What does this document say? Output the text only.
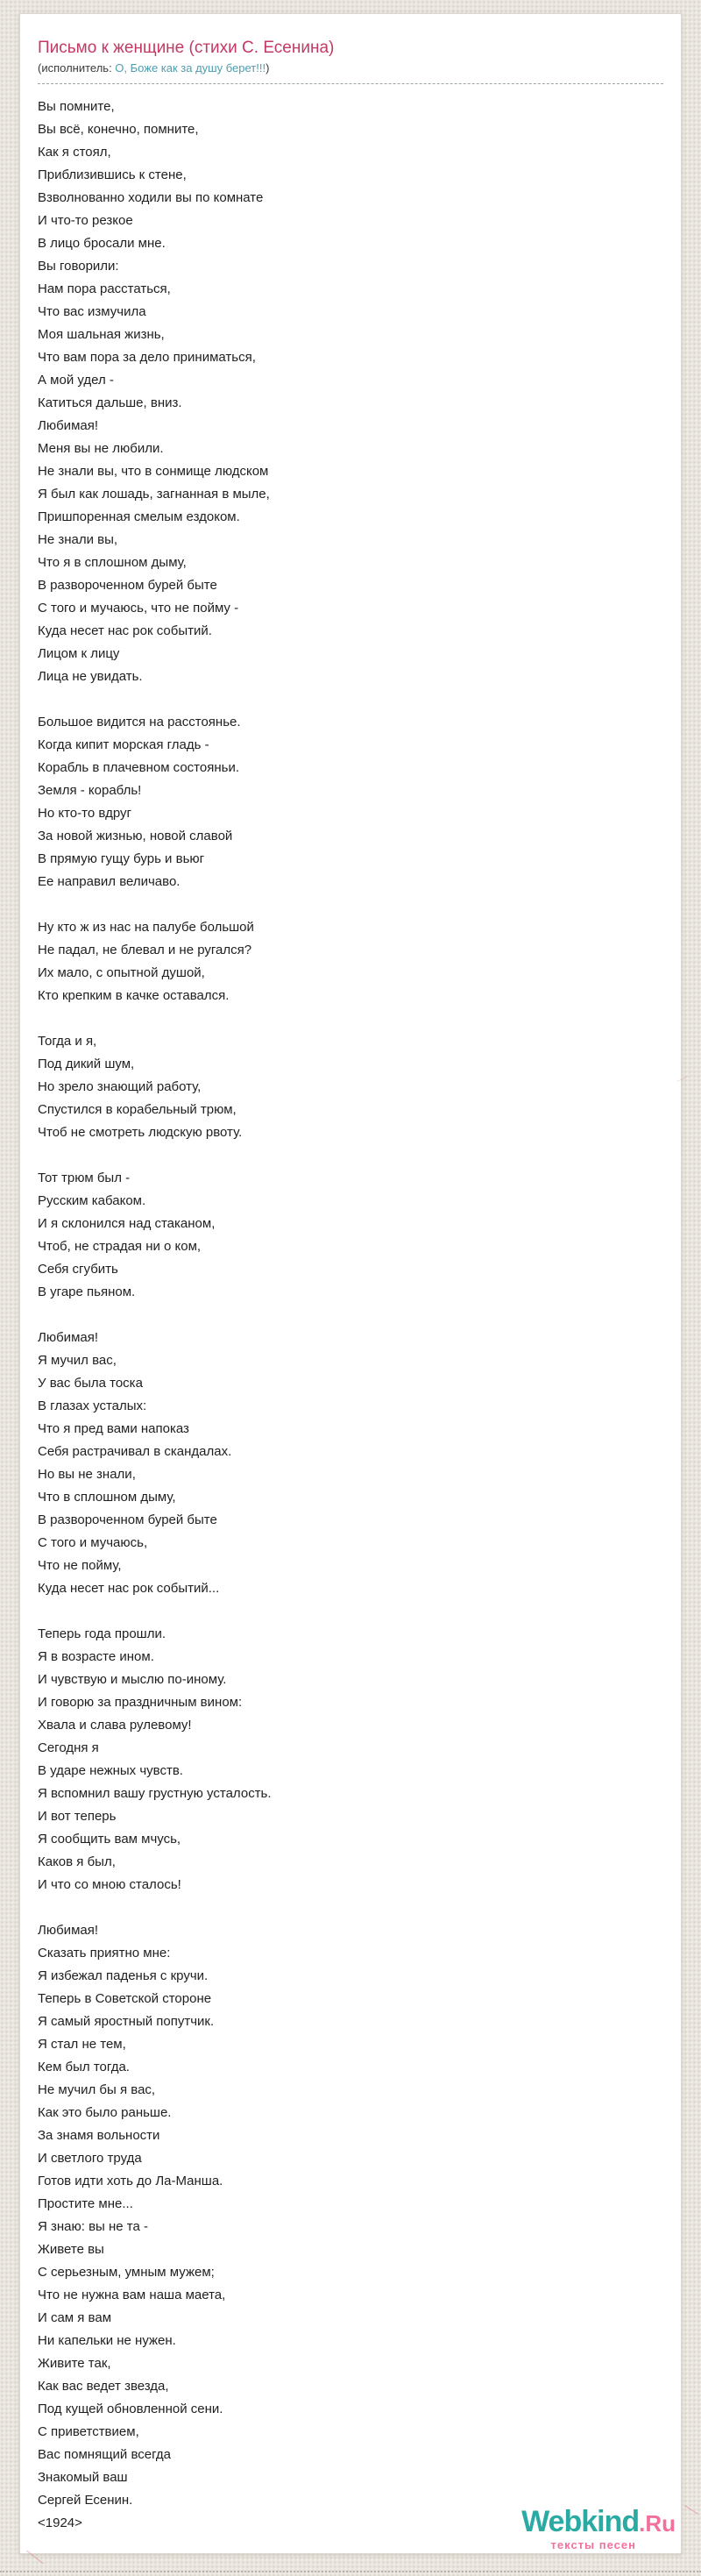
Письмо к женщине (стихи С. Есенина)
(исполнитель: О, Боже как за душу берет!!!)
Вы помните,
Вы всё, конечно, помните,
Как я стоял,
Приблизившись к стене,
Взволнованно ходили вы по комнате
И что-то резкое
В лицо бросали мне.
Вы говорили:
Нам пора расстаться,
Что вас измучила
Моя шальная жизнь,
Что вам пора за дело приниматься,
А мой удел -
Катиться дальше, вниз.
Любимая!
Меня вы не любили.
Не знали вы, что в сонмище людском
Я был как лошадь, загнанная в мыле,
Пришпоренная смелым ездоком.
Не знали вы,
Что я в сплошном дыму,
В развороченном бурей быте
С того и мучаюсь, что не пойму -
Куда несет нас рок событий.
Лицом к лицу
Лица не увидать.

Большое видится на расстоянье.
Когда кипит морская гладь -
Корабль в плачевном состояньи.
Земля - корабль!
Но кто-то вдруг
За новой жизнью, новой славой
В прямую гущу бурь и вьюг
Ее направил величаво.

Ну кто ж из нас на палубе большой
Не падал, не блевал и не ругался?
Их мало, с опытной душой,
Кто крепким в качке оставался.

Тогда и я,
Под дикий шум,
Но зрело знающий работу,
Спустился в корабельный трюм,
Чтоб не смотреть людскую рвоту.

Тот трюм был -
Русским кабаком.
И я склонился над стаканом,
Чтоб, не страдая ни о ком,
Себя сгубить
В угаре пьяном.

Любимая!
Я мучил вас,
У вас была тоска
В глазах усталых:
Что я пред вами напоказ
Себя растрачивал в скандалах.
Но вы не знали,
Что в сплошном дыму,
В развороченном бурей быте
С того и мучаюсь,
Что не пойму,
Куда несет нас рок событий...

Теперь года прошли.
Я в возрасте ином.
И чувствую и мыслю по-иному.
И говорю за праздничным вином:
Хвала и слава рулевому!
Сегодня я
В ударе нежных чувств.
Я вспомнил вашу грустную усталость.
И вот теперь
Я сообщить вам мчусь,
Каков я был,
И что со мною сталось!

Любимая!
Сказать приятно мне:
Я избежал паденья с кручи.
Теперь в Советской стороне
Я самый яростный попутчик.
Я стал не тем,
Кем был тогда.
Не мучил бы я вас,
Как это было раньше.
За знамя вольности
И светлого труда
Готов идти хоть до Ла-Манша.
Простите мне...
Я знаю: вы не та -
Живете вы
С серьезным, умным мужем;
Что не нужна вам наша маета,
И сам я вам
Ни капельки не нужен.
Живите так,
Как вас ведет звезда,
Под кущей обновленной сени.
С приветствием,
Вас помнящий всегда
Знакомый ваш
Сергей Есенин.
<1924>	Webkind.Ru
тексты песен
